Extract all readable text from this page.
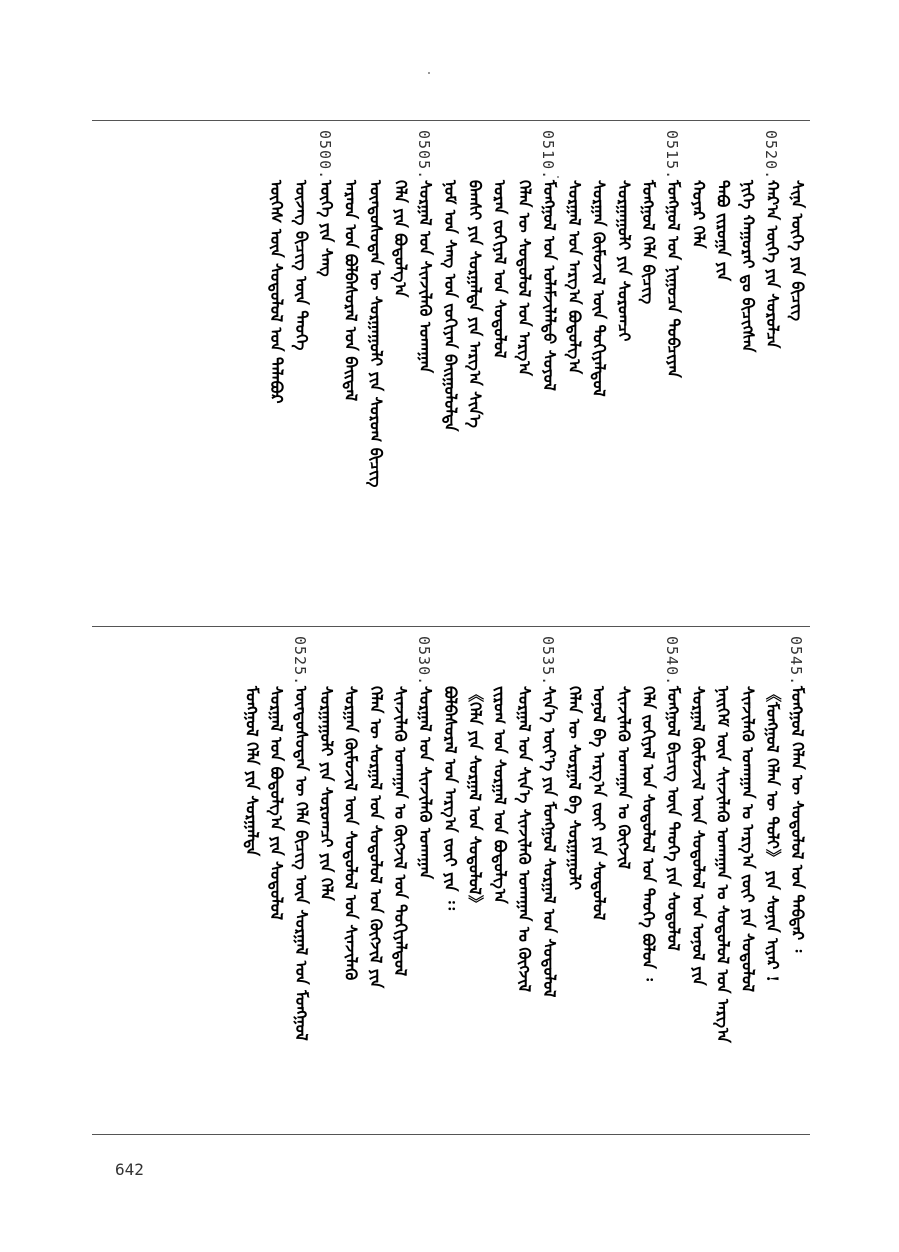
ᠰᠢᠨᠡ ᠦᠭᠡ ᠶᠢᠨ ᠪᠢᠴᠢᠭ᠌
0520.
ᠬᠠᠷ᠎ᠠ ᠦᠭᠡ ᠶᠢᠨ ᠰᠤᠷᠤᠯᠴᠠ
ᠨᠢᠭᠡ ᠬᠠᠭᠤᠷᠠᠢ ᠳᠤ ᠪᠢᠴᠢᠭᠰᠡᠨ
ᠲᠠᠪᠤ ᠵᠢᠷᠤᠭᠠ ᠶᠢᠨ
ᠬᠣᠶᠠᠷ ᠬᠡᠯᠡ
0515.
ᠮᠣᠩᠭᠣᠯ ᠤᠨ ᠨᠢᠭᠤᠴᠠ ᠲᠣᠪᠴᠢᠶᠠᠨ
ᠮᠣᠩᠭᠣᠯ ᠬᠡᠯᠡ ᠪᠢᠴᠢᠭ᠌
ᠰᠤᠷᠭᠠᠭᠤᠯᠢ ᠶᠢᠨ ᠰᠤᠷᠤᠭᠴᠢ
ᠰᠤᠷᠭᠠᠨ ᠬᠦᠮᠦᠵᠢᠯ ᠦᠨ ᠲᠣᠬᠢᠶᠠᠯᠳᠤᠯ
ᠰᠤᠷᠭᠠᠯ ᠤᠨ ᠠᠷᠭ᠎ᠠ ᠪᠣᠳᠣᠯᠭ᠎ᠠ
0510.
ᠮᠣᠩᠭᠣᠯ ᠤᠨ ᠤᠯᠠᠮᠵᠢᠯᠠᠯᠲᠤ ᠰᠣᠶᠣᠯ
ᠬᠡᠯᠡᠨ ᠦ ᠰᠤᠳᠤᠯᠤᠯ ᠤᠨ ᠠᠷᠭ᠎ᠠ
ᠤᠷᠠᠨ ᠵᠣᠬᠢᠶᠠᠯ ᠤᠨ ᠰᠤᠳᠤᠯᠤᠯ
ᠪᠠᠭᠰᠢ ᠶᠢᠨ ᠰᠤᠷᠭᠠᠯᠲᠠ ᠶᠢᠨ ᠠᠷᠭ᠎ᠠ ᠰᠢᠨ᠎ᠡ
ᠨᠣᠮ ᠤᠨ ᠰᠠᠩ ᠤᠨ ᠵᠣᠬᠢᠶᠠᠨ ᠪᠠᠢᠭᠤᠯᠤᠯᠲᠠ
0505.
ᠰᠤᠷᠭᠠᠯ ᠤᠨ ᠰᠢᠨᠵᠢᠯᠡᠬᠦ ᠤᠬᠠᠭᠠᠨ
ᠬᠡᠯᠡ ᠶᠢᠨ ᠪᠣᠳᠣᠯᠭ᠎ᠠ
ᠦᠨᠳᠦᠰᠦᠲᠡᠨ ᠦ ᠰᠤᠷᠭᠠᠭᠤᠯᠢ ᠶᠢᠨ ᠰᠤᠷᠤᠬ ᠪᠢᠴᠢᠭ᠌
ᠠᠷᠠᠳ ᠤᠨ ᠪᠣᠯᠪᠠᠰᠤᠷᠠᠯ ᠤᠨ ᠪᠠᠢᠳᠠᠯ
0500.
ᠦᠭᠡ ᠶᠢᠨ ᠰᠠᠩ
ᠦᠵᠡᠭ ᠪᠢᠴᠢᠭ᠌ ᠦᠨ ᠲᠡᠦᠬᠡ
ᠦᠭᠡᠰ ᠦᠨ ᠰᠤᠳᠤᠯᠤᠯ ᠤᠨ ᠲᠠᠯᠠᠪᠤᠷ
0545.
ᠮᠣᠩᠭᠣᠯ ᠬᠡᠯᠡᠨ ᠦ ᠰᠤᠳᠤᠯᠤᠯ ᠤᠨ ᠳᠡᠪᠲᠡᠷ ᠄
《ᠮᠣᠩᠭᠣᠯ ᠬᠡᠯᠡᠨ ᠦ ᠲᠣᠯᠢ》 ᠶᠢᠨ ᠰᠣᠨᠢᠨ ᠢᠶᠡᠷ !
ᠰᠢᠨᠵᠢᠯᠡᠬᠦ ᠤᠬᠠᠭᠠᠨ ᠤ ᠠᠷᠭ᠎ᠠ ᠵᠦᠢ ᠶᠢᠨ ᠰᠤᠳᠤᠯᠤᠯ
ᠨᠡᠢᠭᠡᠮ ᠦᠨ ᠰᠢᠨᠵᠢᠯᠡᠬᠦ ᠤᠬᠠᠭᠠᠨ ᠤ ᠰᠤᠳᠤᠯᠤᠯ ᠤᠨ ᠠᠷᠭ᠎ᠠ
ᠰᠤᠷᠭᠠᠯ ᠬᠦᠮᠦᠵᠢᠯ ᠦᠨ ᠰᠤᠳᠤᠯᠤᠯ ᠤᠨ ᠣᠨᠣᠯ ᠶᠢᠨ
0540.
ᠮᠣᠩᠭᠣᠯ ᠪᠢᠴᠢᠭ᠌ ᠦᠨ ᠲᠡᠦᠬᠡ ᠶᠢᠨ ᠰᠤᠳᠤᠯᠤᠯ
ᠬᠡᠯᠡ ᠵᠣᠬᠢᠶᠠᠯ ᠤᠨ ᠰᠤᠳᠤᠯᠤᠯ ᠤᠨ ᠲᠡᠦᠬᠡ ᠪᠣᠯᠤᠨ ᠄
ᠰᠢᠨᠵᠢᠯᠡᠬᠦ ᠤᠬᠠᠭᠠᠨ ᠤ ᠬᠦᠭᠵᠢᠯ
ᠣᠨᠣᠯ ᠪᠠ ᠠᠷᠭ᠎ᠠ ᠵᠦᠢ ᠶᠢᠨ ᠰᠤᠳᠤᠯᠤᠯ
ᠬᠡᠯᠡᠨ ᠦ ᠰᠤᠷᠭᠠᠯ ᠪᠠ ᠰᠤᠷᠭᠠᠭᠤᠯᠢ
0535.
ᠰᠢᠨ᠎ᠡ ᠦᠶ᠎ᠡ ᠶᠢᠨ ᠮᠣᠩᠭᠣᠯ ᠰᠤᠷᠭᠠᠯ ᠤᠨ ᠰᠤᠳᠤᠯᠤᠯ
ᠰᠤᠷᠭᠠᠯ ᠤᠨ ᠰᠢᠨ᠎ᠡ ᠰᠢᠨᠵᠢᠯᠡᠬᠦ ᠤᠬᠠᠭᠠᠨ ᠤ ᠬᠦᠭᠵᠢᠯ
ᠵᠢᠷᠤᠭ ᠤᠨ ᠰᠤᠷᠭᠠᠯ ᠤᠨ ᠪᠣᠳᠣᠯᠭ᠎ᠠ
《ᠬᠡᠯᠡ ᠶᠢᠨ ᠰᠤᠷᠭᠠᠯ ᠤᠨ ᠰᠤᠳᠤᠯᠤᠯ》
ᠪᠣᠯᠪᠠᠰᠤᠷᠠᠯ ᠤᠨ ᠠᠷᠭ᠎ᠠ ᠵᠦᠢ ᠶᠢᠨ ᠄᠄
0530.
ᠰᠤᠷᠭᠠᠯ ᠤᠨ ᠰᠢᠨᠵᠢᠯᠡᠬᠦ ᠤᠬᠠᠭᠠᠨ
ᠰᠢᠨᠵᠢᠯᠡᠬᠦ ᠤᠬᠠᠭᠠᠨ ᠤ ᠬᠦᠭᠵᠢᠯ ᠤᠨ ᠲᠣᠬᠢᠶᠠᠯᠳᠤᠯ
ᠬᠡᠯᠡᠨ ᠦ ᠰᠤᠷᠭᠠᠯ ᠤᠨ ᠰᠤᠳᠤᠯᠤᠯ ᠤᠨ ᠬᠦᠭᠵᠢᠯ ᠶᠢᠨ
ᠰᠤᠷᠭᠠᠨ ᠬᠦᠮᠦᠵᠢᠯ ᠦᠨ ᠰᠤᠳᠤᠯᠤᠯ ᠤᠨ ᠰᠢᠨᠵᠢᠯᠡᠬᠦ
ᠰᠤᠷᠭᠠᠭᠤᠯᠢ ᠶᠢᠨ ᠰᠤᠷᠤᠭᠴᠢ ᠶᠢᠨ ᠬᠡᠯᠡ
0525.
ᠦᠨᠳᠦᠰᠦᠲᠡᠨ ᠦ ᠬᠡᠯᠡ ᠪᠢᠴᠢᠭ᠌ ᠦᠨ ᠰᠤᠷᠭᠠᠯ ᠤᠨ ᠮᠣᠩᠭᠣᠯ
ᠰᠤᠷᠭᠠᠯ ᠤᠨ ᠪᠣᠳᠣᠯᠭ᠎ᠠ ᠶᠢᠨ ᠰᠤᠳᠤᠯᠤᠯ
ᠮᠣᠩᠭᠣᠯ ᠬᠡᠯᠡ ᠶᠢᠨ ᠰᠤᠷᠭᠠᠯᠲᠠ
642
